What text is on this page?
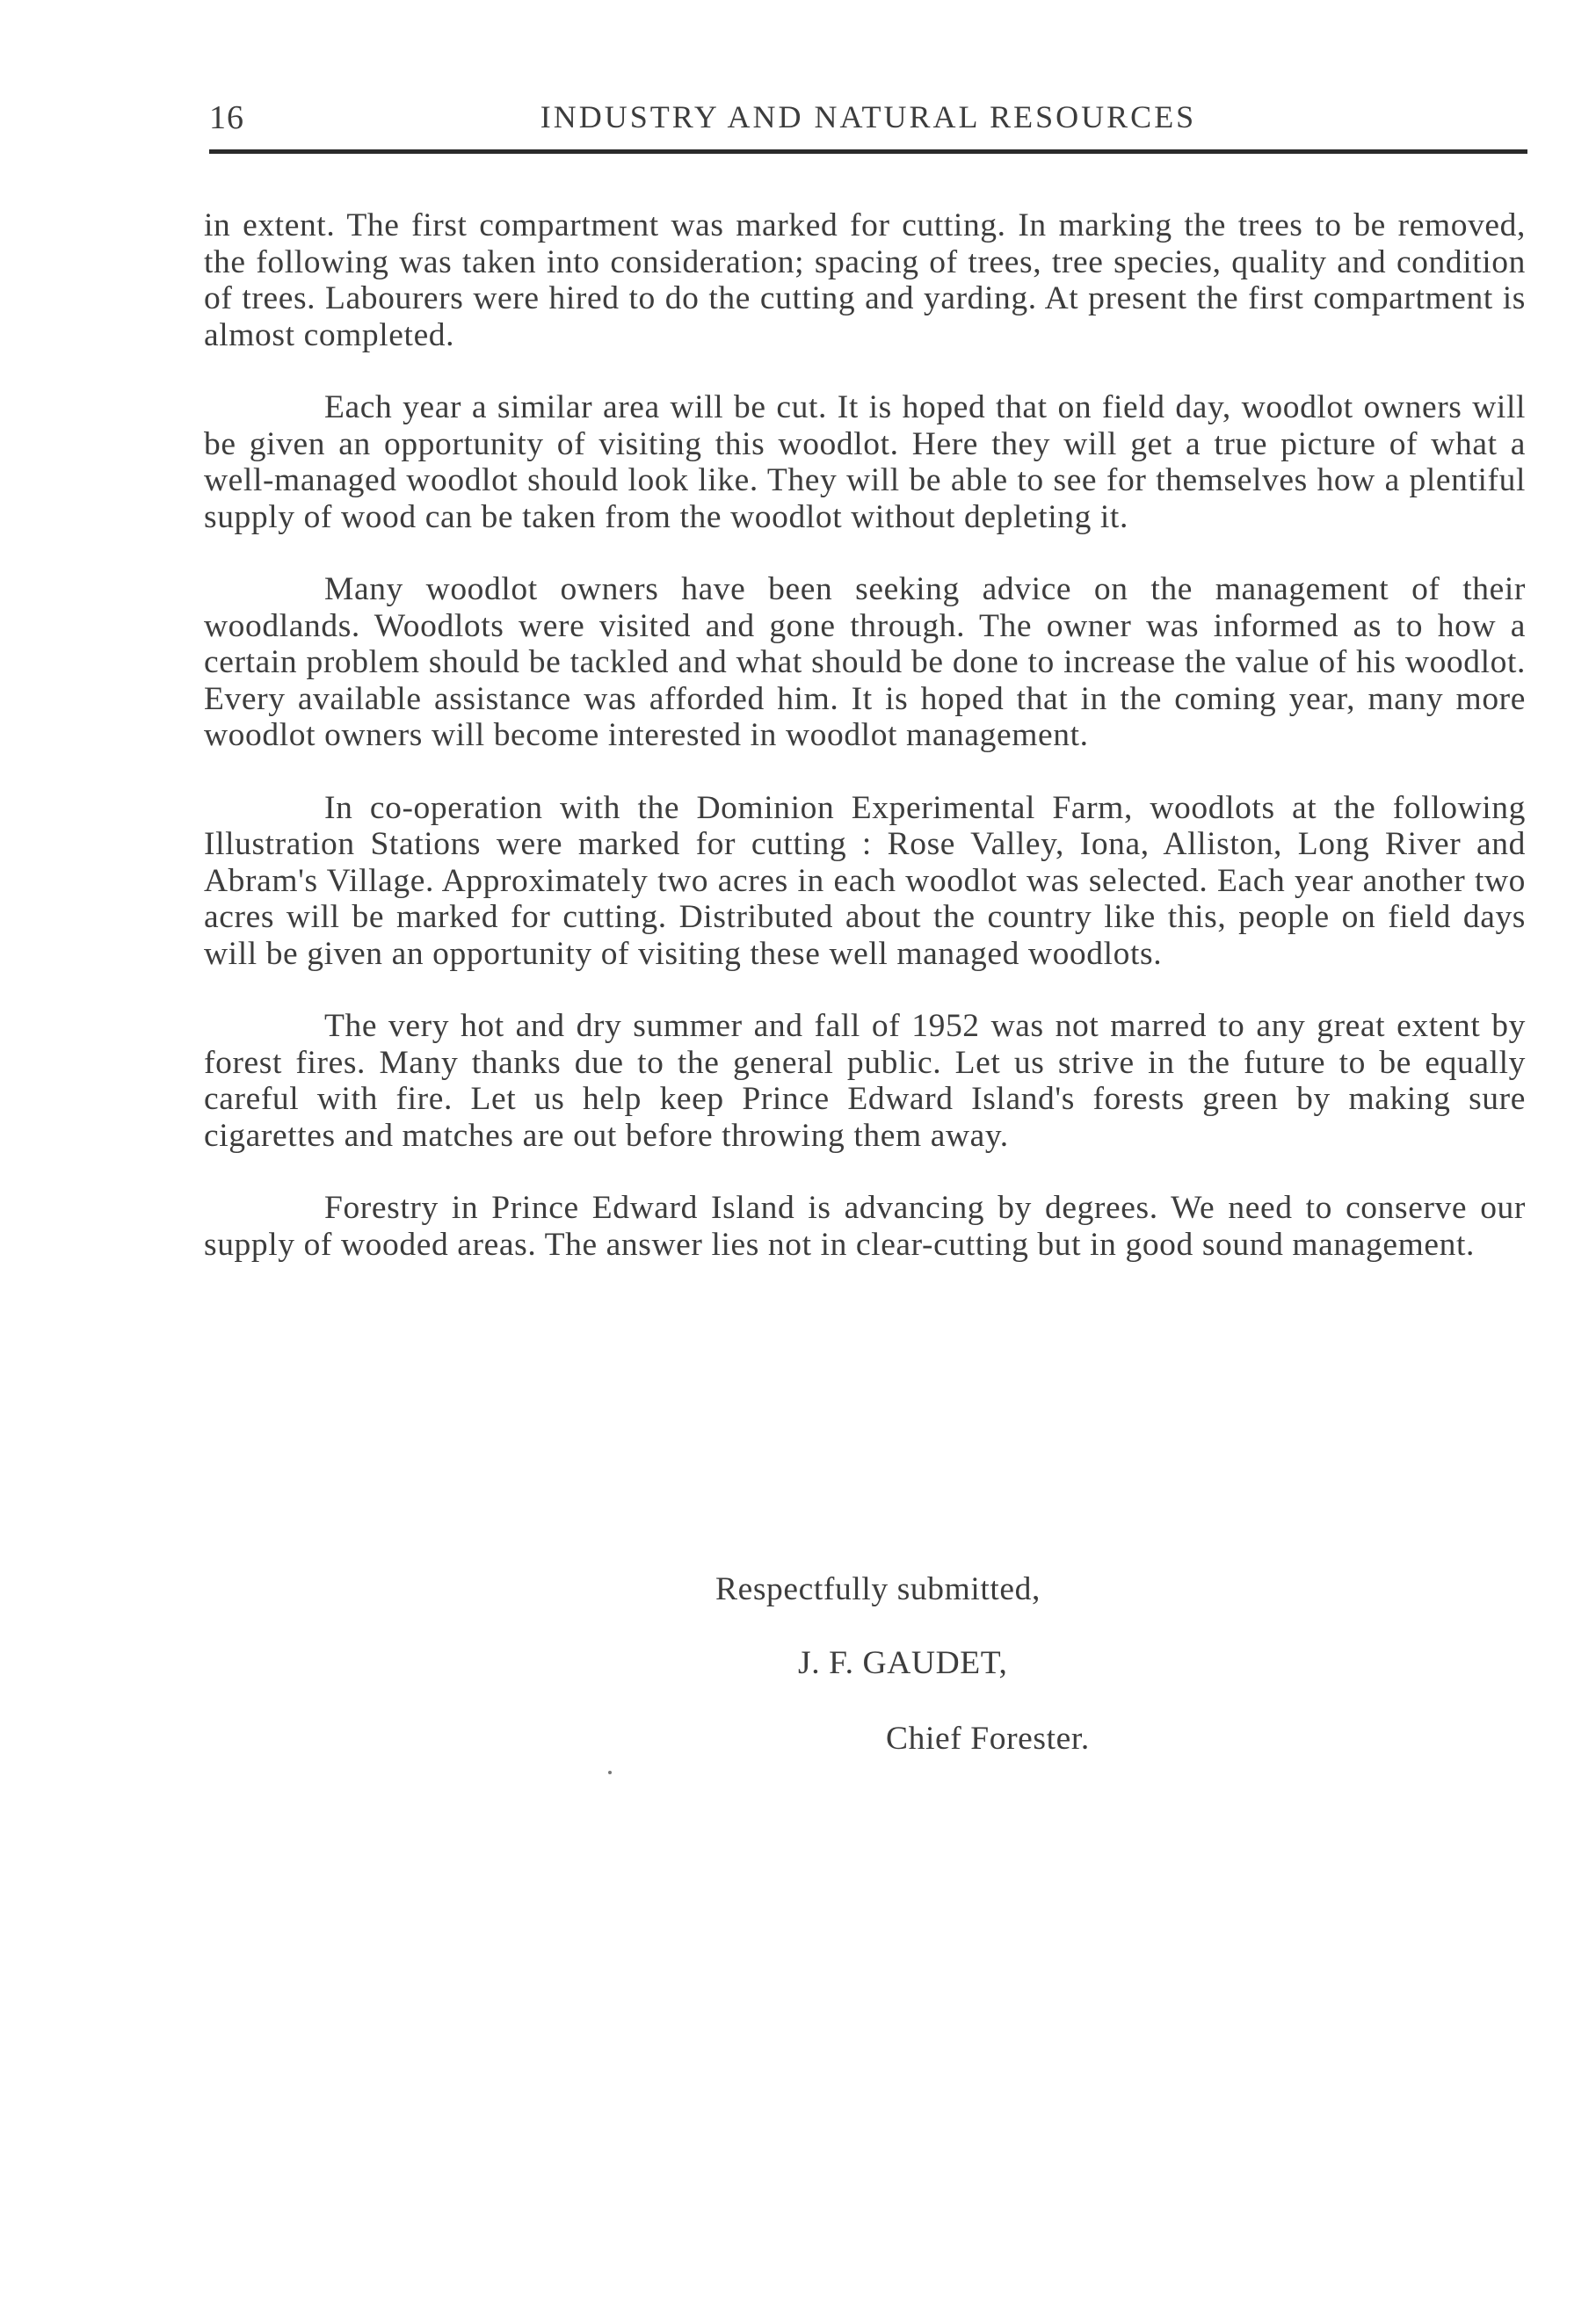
16	INDUSTRY AND NATURAL RESOURCES

in extent. The first compartment was marked for cutting. In marking the trees to be removed, the following was taken into consideration; spacing of trees, tree species, quality and condition of trees. Labourers were hired to do the cutting and yarding. At present the first compartment is almost completed.

Each year a similar area will be cut. It is hoped that on field day, woodlot owners will be given an opportunity of visiting this woodlot. Here they will get a true picture of what a well-managed woodlot should look like. They will be able to see for themselves how a plentiful supply of wood can be taken from the woodlot without depleting it.

Many woodlot owners have been seeking advice on the management of their woodlands. Woodlots were visited and gone through. The owner was informed as to how a certain problem should be tackled and what should be done to increase the value of his woodlot. Every available assistance was afforded him. It is hoped that in the coming year, many more woodlot owners will become interested in woodlot management.

In co-operation with the Dominion Experimental Farm, woodlots at the following Illustration Stations were marked for cutting : Rose Valley, Iona, Alliston, Long River and Abram's Village. Approximately two acres in each woodlot was selected. Each year another two acres will be marked for cutting. Distributed about the country like this, people on field days will be given an opportunity of visiting these well managed woodlots.

The very hot and dry summer and fall of 1952 was not marred to any great extent by forest fires. Many thanks due to the general public. Let us strive in the future to be equally careful with fire. Let us help keep Prince Edward Island's forests green by making sure cigarettes and matches are out before throwing them away.

Forestry in Prince Edward Island is advancing by degrees. We need to conserve our supply of wooded areas. The answer lies not in clear-cutting but in good sound management.

Respectfully submitted,
J. F. GAUDET,
Chief Forester.
